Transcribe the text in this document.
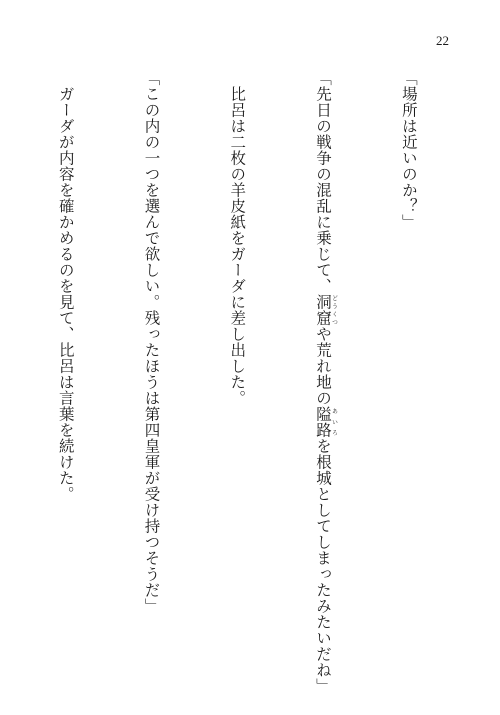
22

「場所は近いのか？」

「先日の戦争の混乱に乗じて、洞窟どうくつや荒れ地の隘路あいろを根城としてしまったみたいだね」

　比呂は二枚の羊皮紙をガーダに差し出した。

「この内の一つを選んで欲しい。残ったほうは第四皇軍が受け持つそうだ」

　ガーダが内容を確かめるのを見て、比呂は言葉を続けた。
